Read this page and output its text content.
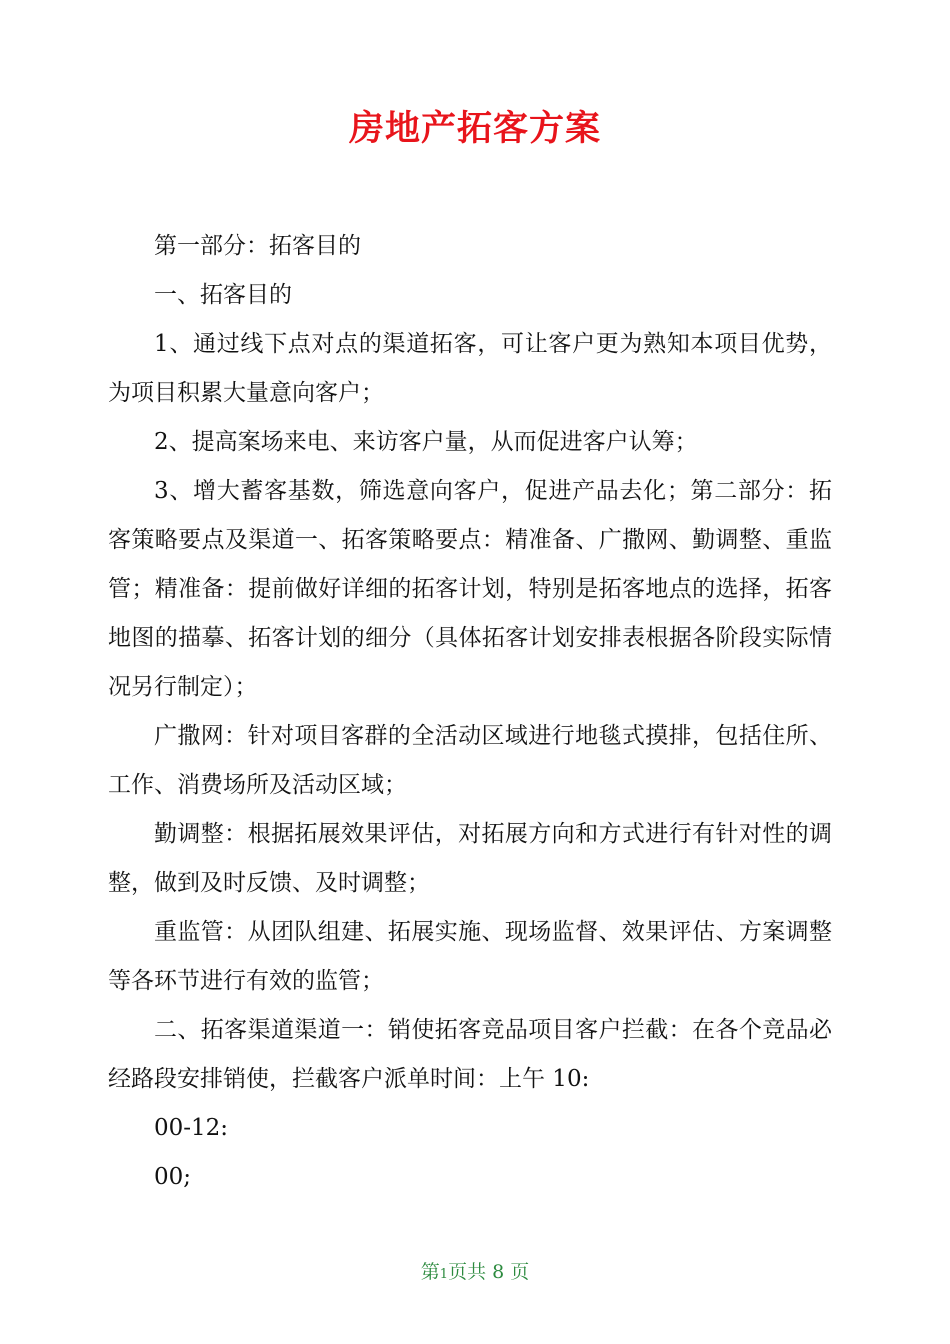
房地产拓客方案

第一部分：拓客目的

一、拓客目的

1、通过线下点对点的渠道拓客，可让客户更为熟知本项目优势，为项目积累大量意向客户；

2、提高案场来电、来访客户量，从而促进客户认筹；

3、增大蓄客基数，筛选意向客户，促进产品去化；第二部分：拓客策略要点及渠道一、拓客策略要点：精准备、广撒网、勤调整、重监管；精准备：提前做好详细的拓客计划，特别是拓客地点的选择，拓客地图的描摹、拓客计划的细分（具体拓客计划安排表根据各阶段实际情况另行制定）；

广撒网：针对项目客群的全活动区域进行地毯式摸排，包括住所、工作、消费场所及活动区域；

勤调整：根据拓展效果评估，对拓展方向和方式进行有针对性的调整，做到及时反馈、及时调整；

重监管：从团队组建、拓展实施、现场监督、效果评估、方案调整等各环节进行有效的监管；

二、拓客渠道渠道一：销使拓客竞品项目客户拦截：在各个竞品必经路段安排销使，拦截客户派单时间：上午 10:

00-12:

00;

第1页共 8 页
